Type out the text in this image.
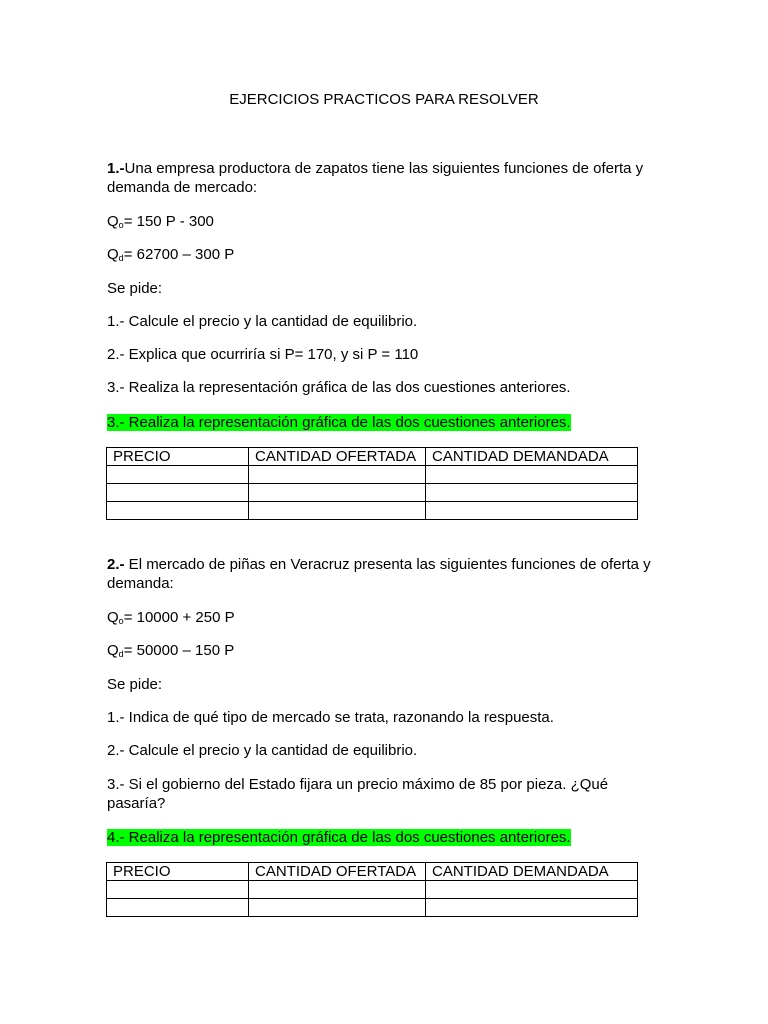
EJERCICIOS PRACTICOS PARA RESOLVER
1.-Una empresa productora de zapatos tiene las siguientes funciones de oferta y demanda de mercado:
$Q_o= 150$ P - 300
$Q_d= 62700 - 300$ P
Se pide:
1.- Calcule el precio y la cantidad de equilibrio.
2.- Explica que ocurriría si P= 170, y si P = 110
3.- Realiza la representación gráfica de las dos cuestiones anteriores.
3.- Realiza la representación gráfica de las dos cuestiones anteriores.
PRECIO	CANTIDAD OFERTADA	CANTIDAD DEMANDADA

2.- El mercado de piñas en Veracruz presenta las siguientes funciones de oferta y demanda:
$Q_o= 10000 + 250$ P
$Q_d= 50000 - 150$ P
Se pide:
1.- Indica de qué tipo de mercado se trata, razonando la respuesta.
2.- Calcule el precio y la cantidad de equilibrio.
3.- Si el gobierno del Estado fijara un precio máximo de 85 por pieza. ¿Qué pasaría?
4.- Realiza la representación gráfica de las dos cuestiones anteriores.
PRECIO	CANTIDAD OFERTADA	CANTIDAD DEMANDADA
